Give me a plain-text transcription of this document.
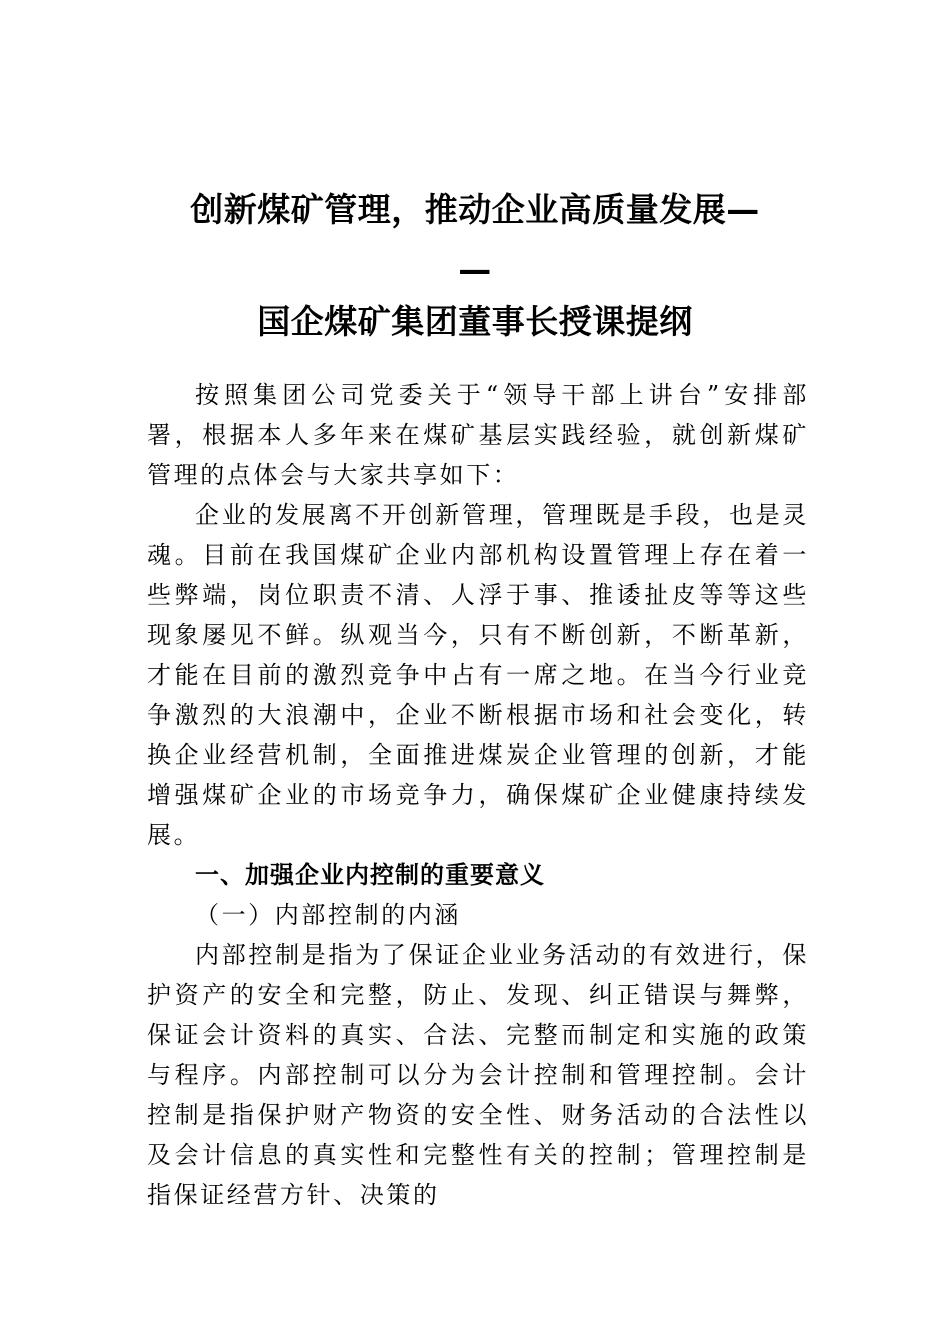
创新煤矿管理，推动企业高质量发展—
—
国企煤矿集团董事长授课提纲

按照集团公司党委关于“领导干部上讲台”安排部署，根据本人多年来在煤矿基层实践经验，就创新煤矿管理的点体会与大家共享如下：

企业的发展离不开创新管理，管理既是手段，也是灵魂。目前在我国煤矿企业内部机构设置管理上存在着一些弊端，岗位职责不清、人浮于事、推诿扯皮等等这些现象屡见不鲜。纵观当今，只有不断创新，不断革新，才能在目前的激烈竞争中占有一席之地。在当今行业竞争激烈的大浪潮中，企业不断根据市场和社会变化，转换企业经营机制，全面推进煤炭企业管理的创新，才能增强煤矿企业的市场竞争力，确保煤矿企业健康持续发展。

一、加强企业内控制的重要意义

（一）内部控制的内涵

内部控制是指为了保证企业业务活动的有效进行，保护资产的安全和完整，防止、发现、纠正错误与舞弊，保证会计资料的真实、合法、完整而制定和实施的政策与程序。内部控制可以分为会计控制和管理控制。会计控制是指保护财产物资的安全性、财务活动的合法性以及会计信息的真实性和完整性有关的控制；管理控制是指保证经营方针、决策的
